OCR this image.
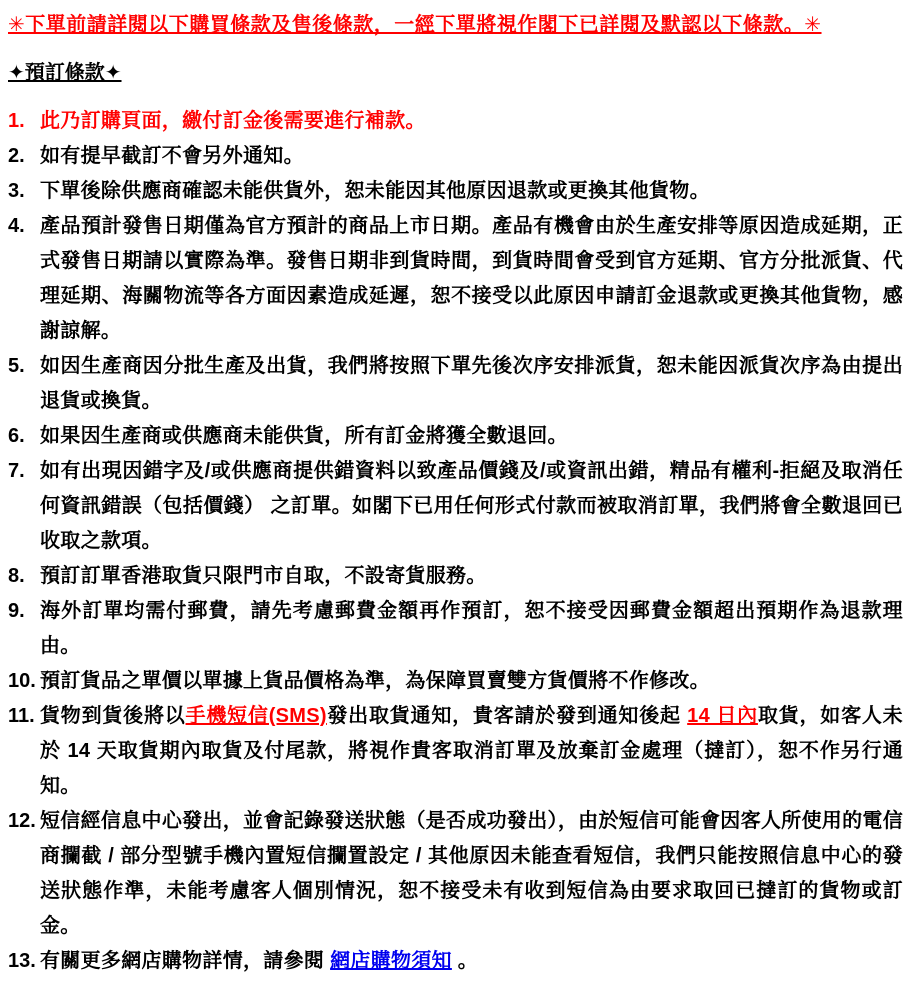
✳下單前請詳閱以下購買條款及售後條款，一經下單將視作閣下已詳閱及默認以下條款。✳
✦預訂條款✦
1. 此乃訂購頁面，繳付訂金後需要進行補款。
2. 如有提早截訂不會另外通知。
3. 下單後除供應商確認未能供貨外，恕未能因其他原因退款或更換其他貨物。
4. 產品預計發售日期僅為官方預計的商品上市日期。產品有機會由於生產安排等原因造成延期，正式發售日期請以實際為準。發售日期非到貨時間，到貨時間會受到官方延期、官方分批派貨、代理延期、海關物流等各方面因素造成延遲，恕不接受以此原因申請訂金退款或更換其他貨物，感謝諒解。
5. 如因生產商因分批生產及出貨，我們將按照下單先後次序安排派貨，恕未能因派貨次序為由提出退貨或換貨。
6. 如果因生產商或供應商未能供貨，所有訂金將獲全數退回。
7. 如有出現因錯字及/或供應商提供錯資料以致產品價錢及/或資訊出錯，精品有權利-拒絕及取消任何資訊錯誤（包括價錢） 之訂單。如閣下已用任何形式付款而被取消訂單，我們將會全數退回已收取之款項。
8. 預訂訂單香港取貨只限門市自取，不設寄貨服務。
9. 海外訂單均需付郵費，請先考慮郵費金額再作預訂，恕不接受因郵費金額超出預期作為退款理由。
10. 預訂貨品之單價以單據上貨品價格為準，為保障買賣雙方貨價將不作修改。
11. 貨物到貨後將以手機短信(SMS)發出取貨通知，貴客請於發到通知後起 14 日內取貨，如客人未於 14 天取貨期內取貨及付尾款，將視作貴客取消訂單及放棄訂金處理（撻訂），恕不作另行通知。
12. 短信經信息中心發出，並會記錄發送狀態（是否成功發出），由於短信可能會因客人所使用的電信商攔截 / 部分型號手機內置短信攔置設定 / 其他原因未能查看短信，我們只能按照信息中心的發送狀態作準，未能考慮客人個別情況，恕不接受未有收到短信為由要求取回已撻訂的貨物或訂金。
13. 有關更多網店購物詳情，請參閱 網店購物須知 。
